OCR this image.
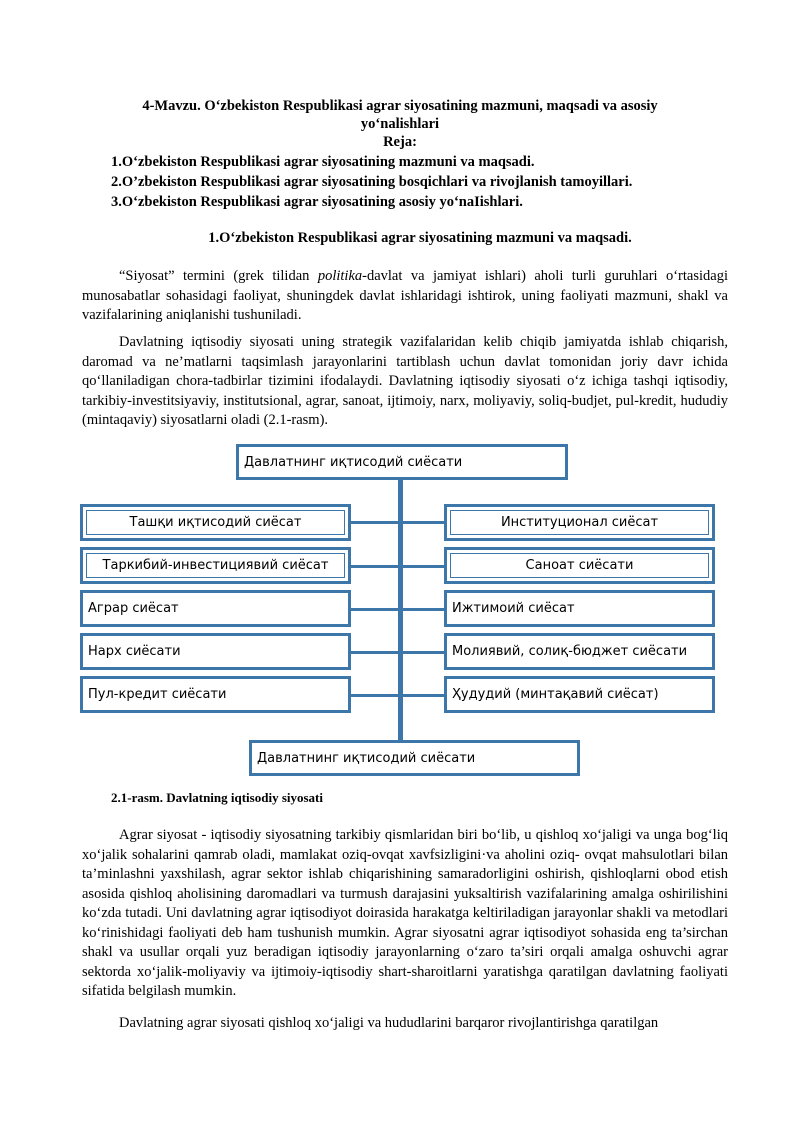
4-Mavzu. O‘zbekiston Respublikasi agrar siyosatining mazmuni, maqsadi va asosiy yo‘nalishlari
Reja:
1.O‘zbekiston Respublikasi agrar siyosatining mazmuni va maqsadi.
2.O’zbekiston Respublikasi agrar siyosatining bosqichlari va rivojlanish tamoyillari.
3.O‘zbekiston Respublikasi agrar siyosatining asosiy yo‘naIishlari.
1.O‘zbekiston Respublikasi agrar siyosatining mazmuni va maqsadi.

“Siyosat” termini (grek tilidan politika-davlat va jamiyat ishlari) aholi turli guruhlari o‘rtasidagi munosabatlar sohasidagi faoliyat, shuningdek davlat ishlaridagi ishtirok, uning faoliyati mazmuni, shakl va vazifalarining aniqlanishi tushuniladi.

Davlatning iqtisodiy siyosati uning strategik vazifalaridan kelib chiqib jamiyatda ishlab chiqarish, daromad va ne’matlarni taqsimlash jarayonlarini tartiblash uchun davlat tomonidan joriy davr ichida qo‘llaniladigan chora-tadbirlar tizimini ifodalaydi. Davlatning iqtisodiy siyosati o‘z ichiga tashqi iqtisodiy, tarkibiy-investitsiyaviy, institutsional, agrar, sanoat, ijtimoiy, narx, moliyaviy, soliq-budjet, pul-kredit, hududiy (mintaqaviy) siyosatlarni oladi (2.1-rasm).

Давлатнинг иқтисодий сиёсати
Ташқи иқтисодий сиёсат
Таркибий-инвестициявий сиёсат
Аграр сиёсат
Нарх сиёсати
Пул-кредит сиёсати
Институционал сиёсат
Саноат сиёсати
Ижтимоий сиёсат
Молиявий, солиқ-бюджет сиёсати
Ҳудудий (минтақавий сиёсат)
Давлатнинг иқтисодий сиёсати
2.1-rasm. Davlatning iqtisodiy siyosati

Agrar siyosat - iqtisodiy siyosatning tarkibiy qismlaridan biri bo‘lib, u qishloq xo‘jaligi va unga bog‘liq xo‘jalik sohalarini qamrab oladi, mamlakat oziq-ovqat xavfsizligini·va aholini oziq- ovqat mahsulotlari bilan ta’minlashni yaxshilash, agrar sektor ishlab chiqarishining samaradorligini oshirish, qishloqlarni obod etish asosida qishloq aholisining daromadlari va turmush darajasini yuksaltirish vazifalarining amalga oshirilishini ko‘zda tutadi. Uni davlatning agrar iqtisodiyot doirasida harakatga keltiriladigan jarayonlar shakli va metodlari ko‘rinishidagi faoliyati deb ham tushunish mumkin. Agrar siyosatni agrar iqtisodiyot sohasida eng ta’sirchan shakl va usullar orqali yuz beradigan iqtisodiy jarayonlarning o‘zaro ta’siri orqali amalga oshuvchi agrar sektorda xo‘jalik-moliyaviy va ijtimoiy-iqtisodiy shart-sharoitlarni yaratishga qaratilgan davlatning faoliyati sifatida belgilash mumkin.

Davlatning agrar siyosati qishloq xo‘jaligi va hududlarini barqaror rivojlantirishga qaratilgan
